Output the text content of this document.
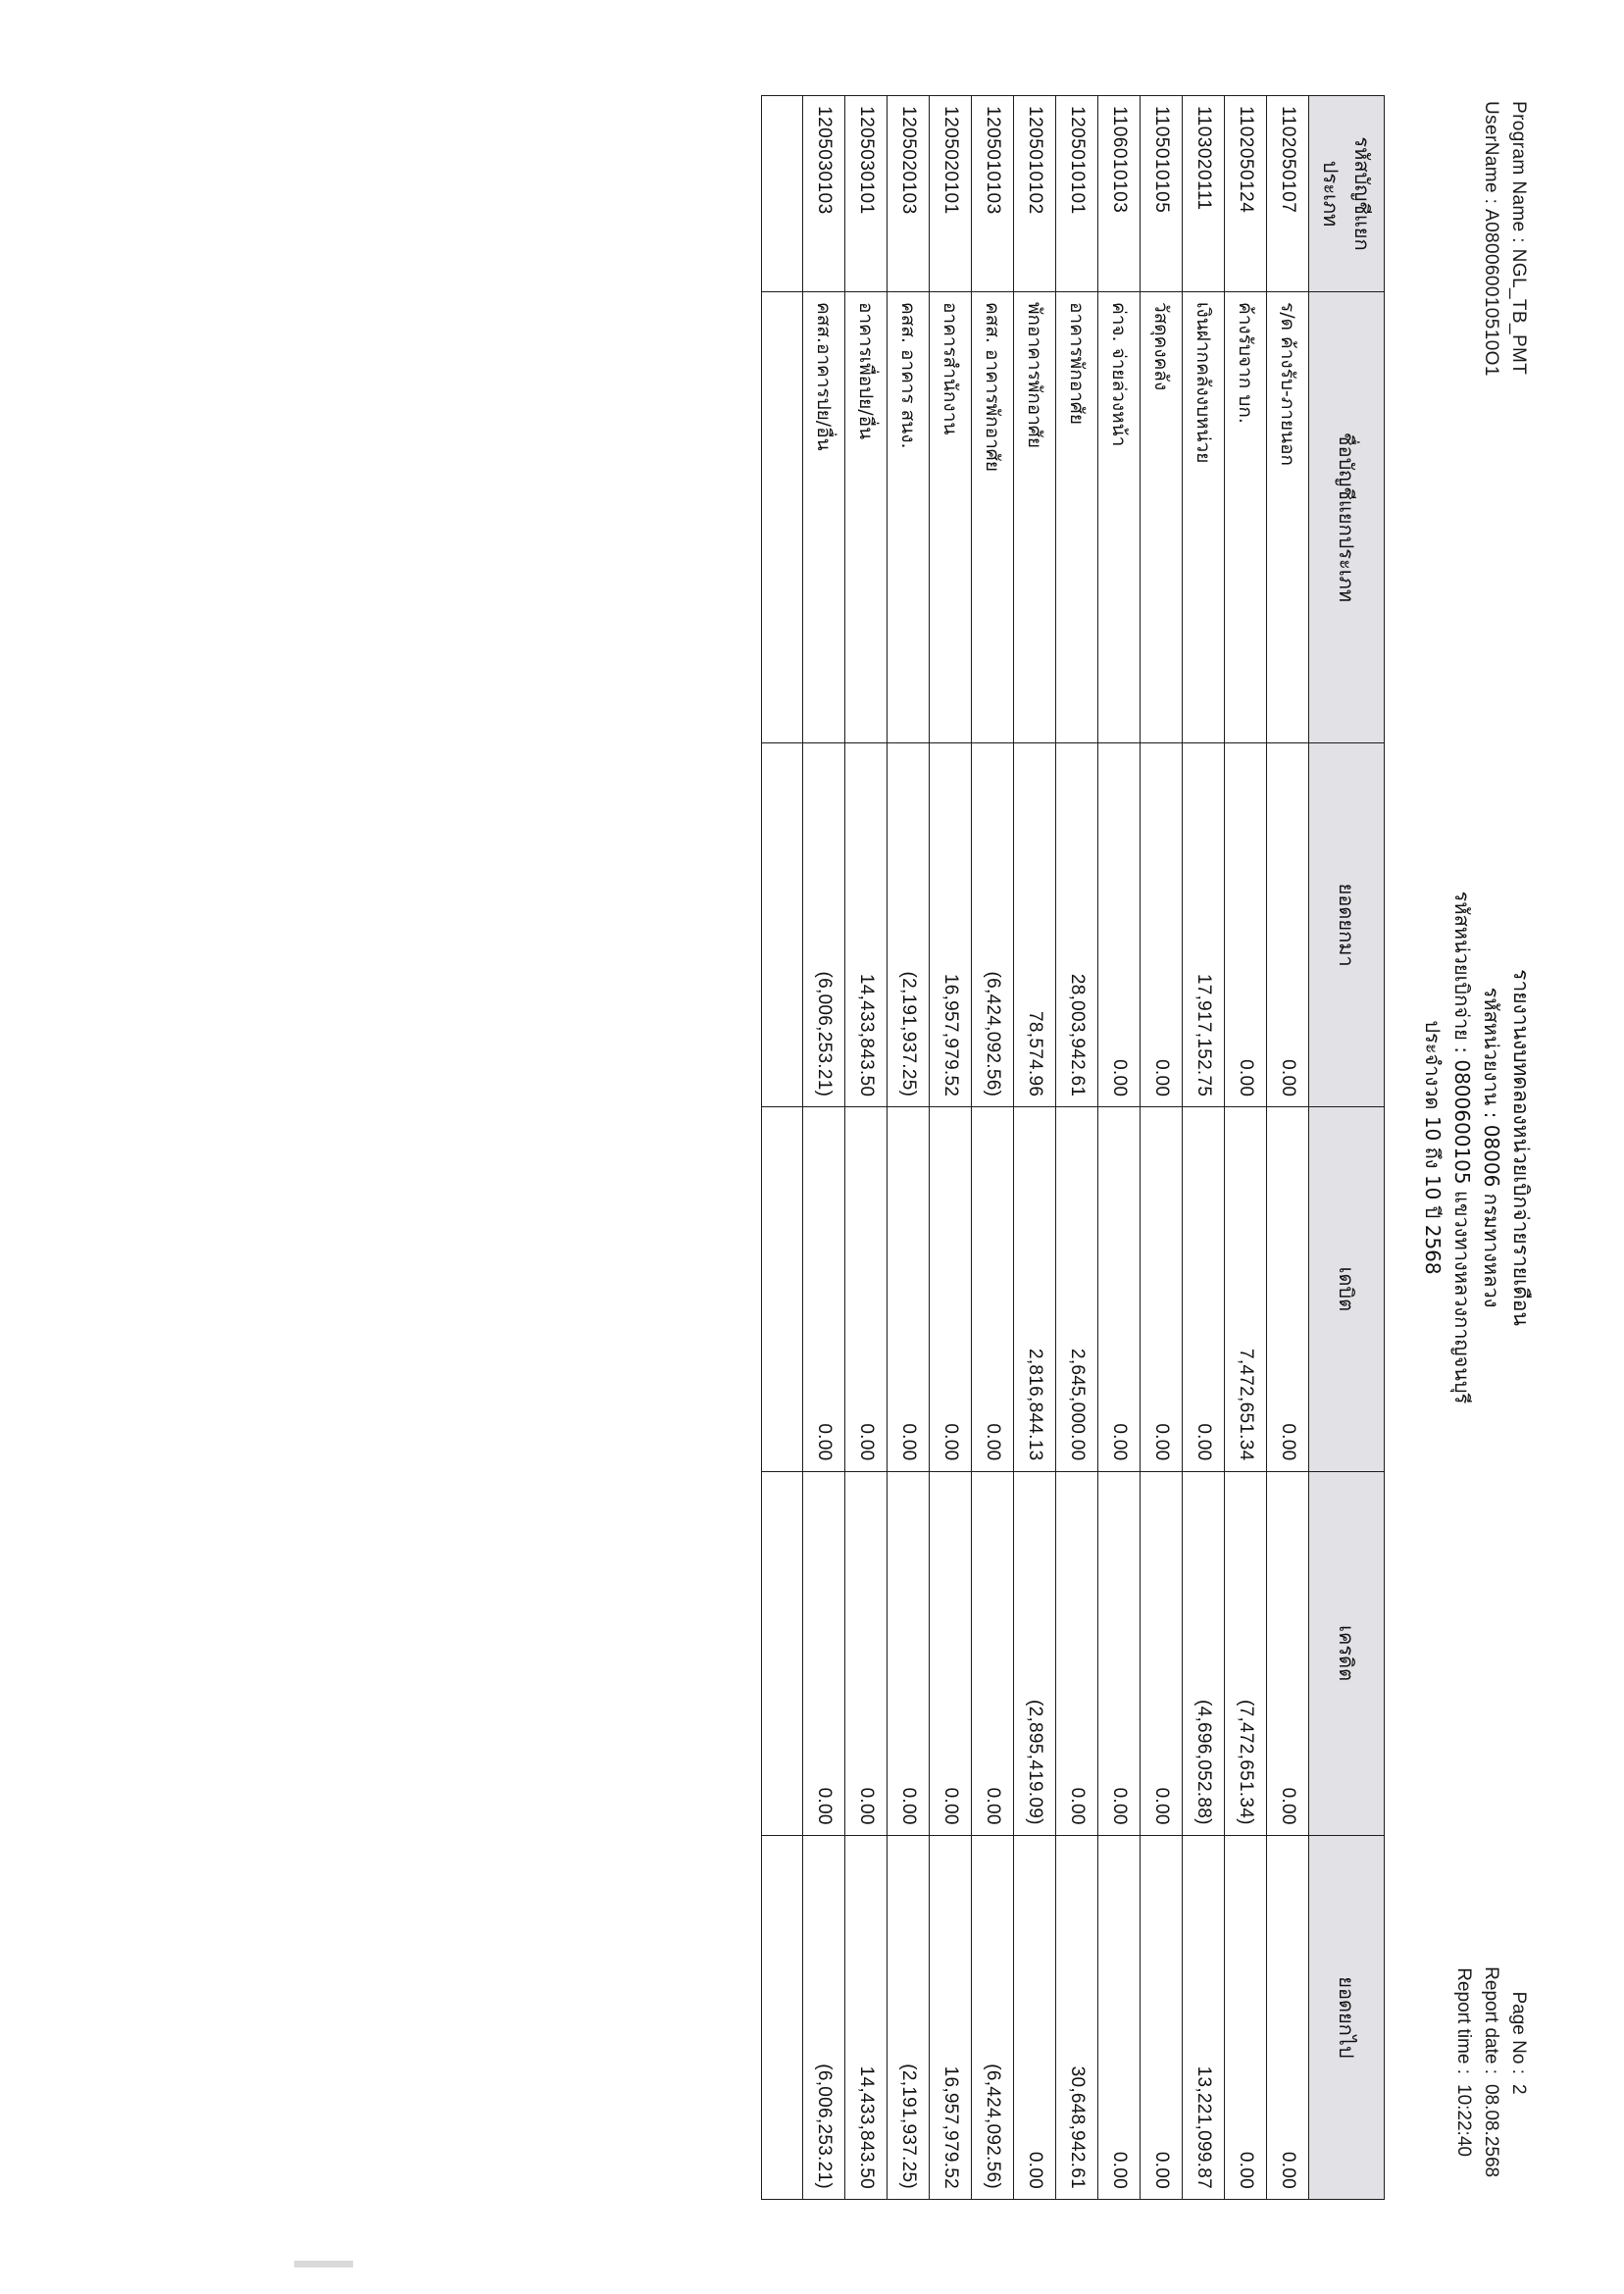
Program Name : NGL_TB_PMT
UserName : A080060010510O1
รายงานงบทดลองหน่วยเบิกจ่ายรายเดือน
รหัสหน่วยงาน : 08006 กรมทางหลวง
รหัสหน่วยเบิกจ่าย : 0800600105 แขวงทางหลวงกาญจนบุรี
ประจำงวด 10 ถึง 10 ปี 2568
Page No :
2
Report date :
08.08.2568
Report time :
10:22:40
รหัสบัญชีแยกประเภท	ชื่อบัญชีแยกประเภท	ยอดยกมา	เดบิต	เครดิต	ยอดยกไป
1102050107	ร/ด ค้างรับ-ภายนอก	0.00	0.00	0.00	0.00
1102050124	ค้างรับจาก บก.	0.00	7,472,651.34	(7,472,651.34)	0.00
1103020111	เงินฝากคลังงบหน่วย	17,917,152.75	0.00	(4,696,052.88)	13,221,099.87
1105010105	วัสดุคงคลัง	0.00	0.00	0.00	0.00
1106010103	ค่าจ. จ่ายล่วงหน้า	0.00	0.00	0.00	0.00
1205010101	อาคารพักอาศัย	28,003,942.61	2,645,000.00	0.00	30,648,942.61
1205010102	พักอาคารพักอาศัย	78,574.96	2,816,844.13	(2,895,419.09)	0.00
1205010103	คสส. อาคารพักอาศัย	(6,424,092.56)	0.00	0.00	(6,424,092.56)
1205020101	อาคารสำนักงาน	16,957,979.52	0.00	0.00	16,957,979.52
1205020103	คสส. อาคาร สนง.	(2,191,937.25)	0.00	0.00	(2,191,937.25)
1205030101	อาคารเพื่อปย/อื่น	14,433,843.50	0.00	0.00	14,433,843.50
1205030103	คสส.อาคารปย/อื่น	(6,006,253.21)	0.00	0.00	(6,006,253.21)
